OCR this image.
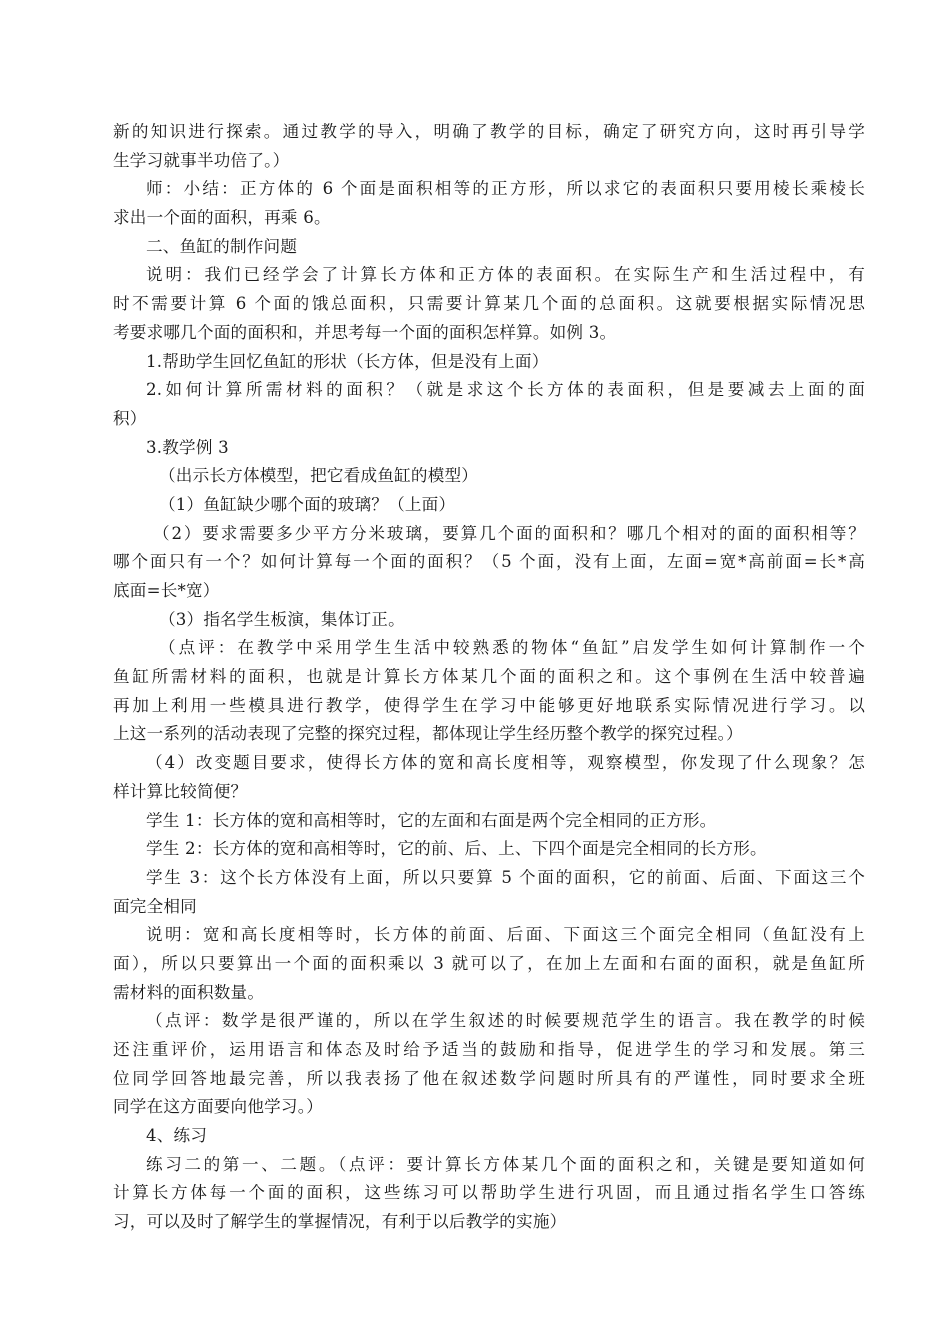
新的知识进行探索。通过教学的导入，明确了教学的目标，确定了研究方向，这时再引导学
生学习就事半功倍了。）
师：小结：正方体的 6 个面是面积相等的正方形，所以求它的表面积只要用棱长乘棱长
求出一个面的面积，再乘 6。
二、鱼缸的制作问题
说明：我们已经学会了计算长方体和正方体的表面积。在实际生产和生活过程中，有
时不需要计算 6 个面的饿总面积，只需要计算某几个面的总面积。这就要根据实际情况思
考要求哪几个面的面积和，并思考每一个面的面积怎样算。如例 3。
1.帮助学生回忆鱼缸的形状（长方体，但是没有上面）
2.如何计算所需材料的面积？（就是求这个长方体的表面积，但是要减去上面的面
积）
3.教学例 3
（出示长方体模型，把它看成鱼缸的模型）
（1）鱼缸缺少哪个面的玻璃？（上面）
（2）要求需要多少平方分米玻璃，要算几个面的面积和？哪几个相对的面的面积相等？
哪个面只有一个？如何计算每一个面的面积？（5 个面，没有上面，左面=宽*高前面=长*高
底面=长*宽）
（3）指名学生板演，集体订正。
（点评：在教学中采用学生生活中较熟悉的物体“鱼缸”启发学生如何计算制作一个
鱼缸所需材料的面积，也就是计算长方体某几个面的面积之和。这个事例在生活中较普遍
再加上利用一些模具进行教学，使得学生在学习中能够更好地联系实际情况进行学习。以
上这一系列的活动表现了完整的探究过程，都体现让学生经历整个教学的探究过程。）
（4）改变题目要求，使得长方体的宽和高长度相等，观察模型，你发现了什么现象？怎
样计算比较简便？
学生 1：长方体的宽和高相等时，它的左面和右面是两个完全相同的正方形。
学生 2：长方体的宽和高相等时，它的前、后、上、下四个面是完全相同的长方形。
学生 3：这个长方体没有上面，所以只要算 5 个面的面积，它的前面、后面、下面这三个
面完全相同
说明：宽和高长度相等时，长方体的前面、后面、下面这三个面完全相同（鱼缸没有上
面），所以只要算出一个面的面积乘以 3 就可以了，在加上左面和右面的面积，就是鱼缸所
需材料的面积数量。
（点评：数学是很严谨的，所以在学生叙述的时候要规范学生的语言。我在教学的时候
还注重评价，运用语言和体态及时给予适当的鼓励和指导，促进学生的学习和发展。第三
位同学回答地最完善，所以我表扬了他在叙述数学问题时所具有的严谨性，同时要求全班
同学在这方面要向他学习。）
4、练习
练习二的第一、二题。（点评：要计算长方体某几个面的面积之和，关键是要知道如何
计算长方体每一个面的面积，这些练习可以帮助学生进行巩固，而且通过指名学生口答练
习，可以及时了解学生的掌握情况，有利于以后教学的实施）
